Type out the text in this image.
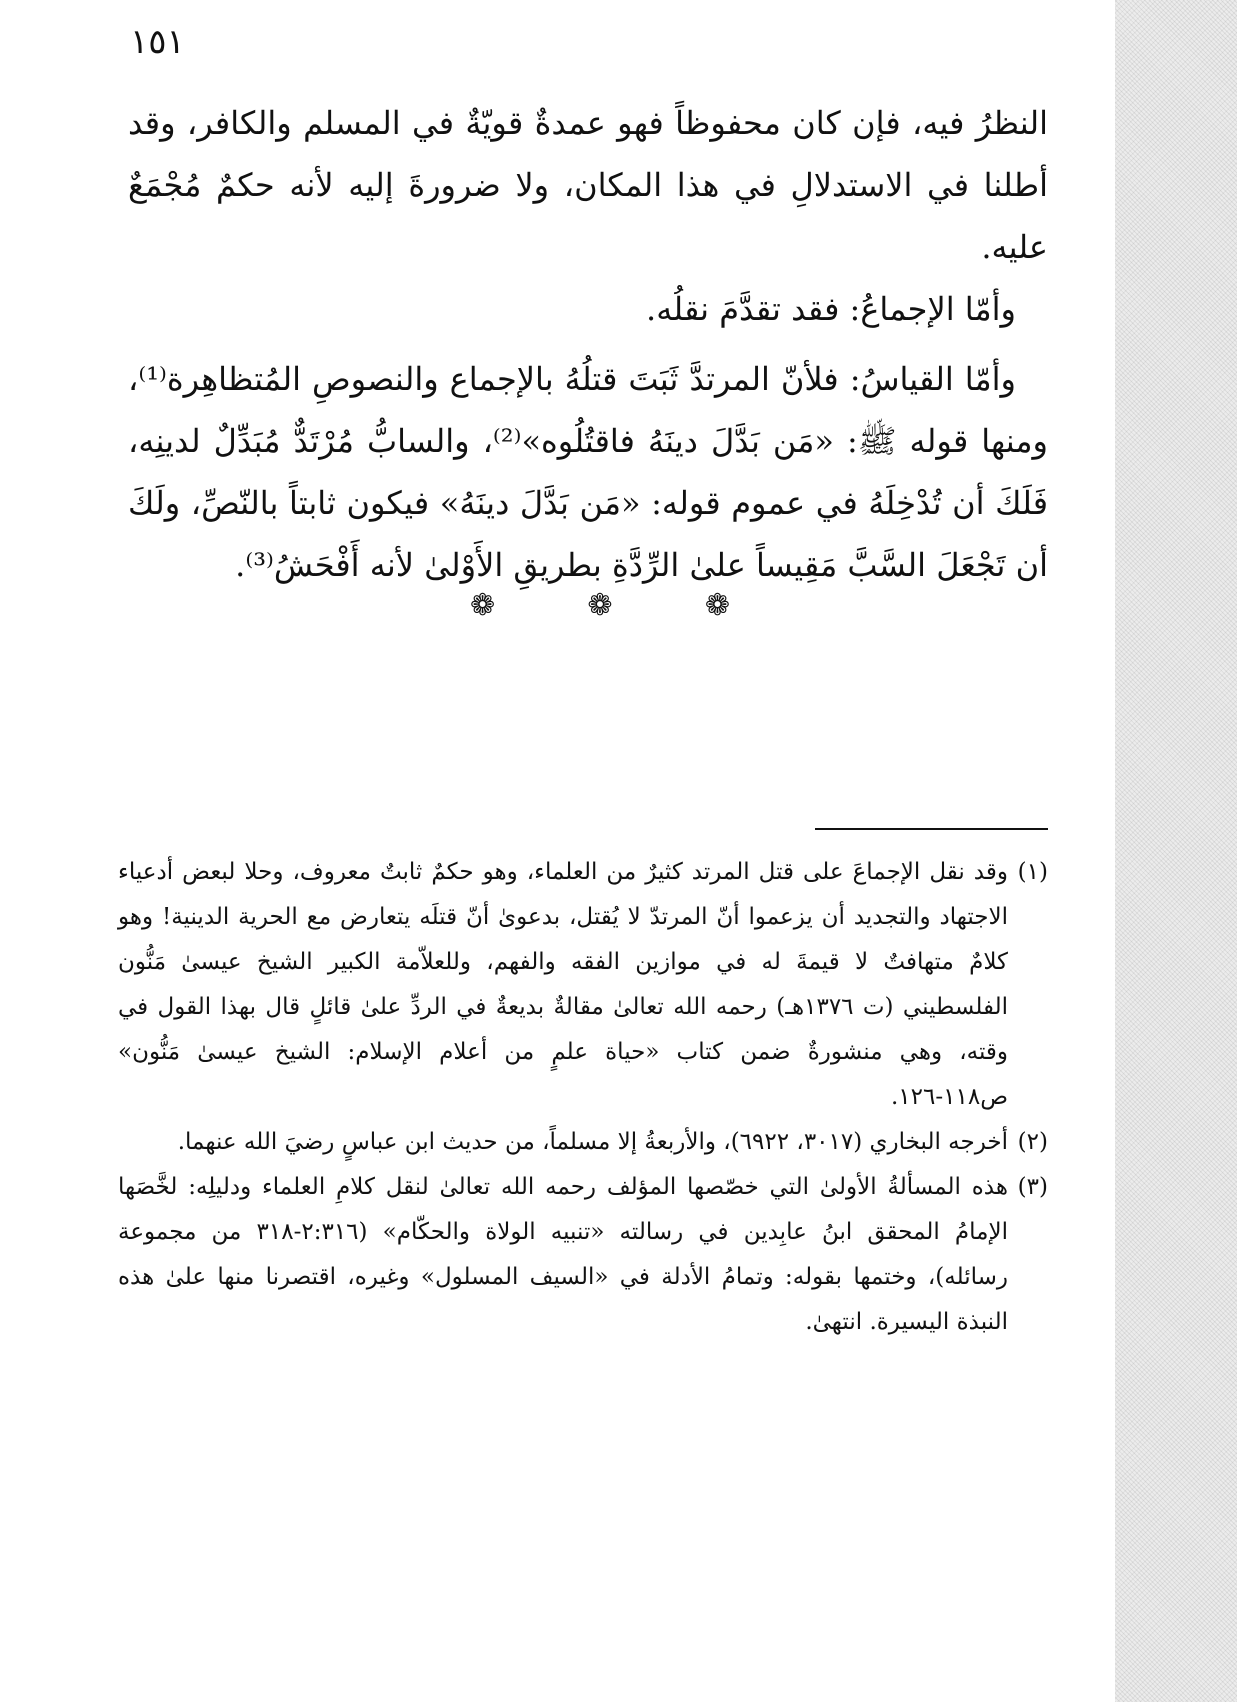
١٥١

النظرُ فيه، فإن كان محفوظاً فهو عمدةٌ قويّةٌ في المسلم والكافر، وقد أطلنا في الاستدلالِ في هذا المكان، ولا ضرورةَ إليه لأنه حكمٌ مُجْمَعٌ عليه.

وأمّا الإجماعُ: فقد تقدَّمَ نقلُه.

وأمّا القياسُ: فلأنّ المرتدَّ ثَبَتَ قتلُهُ بالإجماع والنصوصِ المُتظاهِرة⁽¹⁾، ومنها قوله ﷺ: «مَن بَدَّلَ دينَهُ فاقتُلُوه»⁽²⁾، والسابُّ مُرْتَدٌّ مُبَدِّلٌ لدينِه، فَلَكَ أن تُدْخِلَهُ في عموم قوله: «مَن بَدَّلَ دينَهُ» فيكون ثابتاً بالنّصِّ، ولَكَ أن تَجْعَلَ السَّبَّ مَقِيساً علىٰ الرِّدَّةِ بطريقِ الأَوْلىٰ لأنه أَفْحَشُ⁽³⁾.

❁	❁	❁
(١)
وقد نقل الإجماعَ على قتل المرتد كثيرٌ من العلماء، وهو حكمٌ ثابتٌ معروف، وحلا لبعض أدعياء الاجتهاد والتجديد أن يزعموا أنّ المرتدّ لا يُقتل، بدعوىٰ أنّ قتلَه يتعارض مع الحرية الدينية! وهو كلامٌ متهافتٌ لا قيمةَ له في موازين الفقه والفهم، وللعلاّمة الكبير الشيخ عيسىٰ مَنُّون الفلسطيني (ت ١٣٧٦هـ) رحمه الله تعالىٰ مقالةٌ بديعةٌ في الردِّ علىٰ قائلٍ قال بهذا القول في وقته، وهي منشورةٌ ضمن كتاب «حياة علمٍ من أعلام الإسلام: الشيخ عيسىٰ مَنُّون» ص١١٨-١٢٦.
(٢)
أخرجه البخاري (٣٠١٧، ٦٩٢٢)، والأربعةُ إلا مسلماً، من حديث ابن عباسٍ رضيَ الله عنهما.
(٣)
هذه المسألةُ الأولىٰ التي خصّصها المؤلف رحمه الله تعالىٰ لنقل كلامِ العلماء ودليلِه: لخَّصَها الإمامُ المحقق ابنُ عابِدين في رسالته «تنبيه الولاة والحكّام» (٢:٣١٦-٣١٨ من مجموعة رسائله)، وختمها بقوله: وتمامُ الأدلة في «السيف المسلول» وغيره، اقتصرنا منها علىٰ هذه النبذة اليسيرة. انتهىٰ.
